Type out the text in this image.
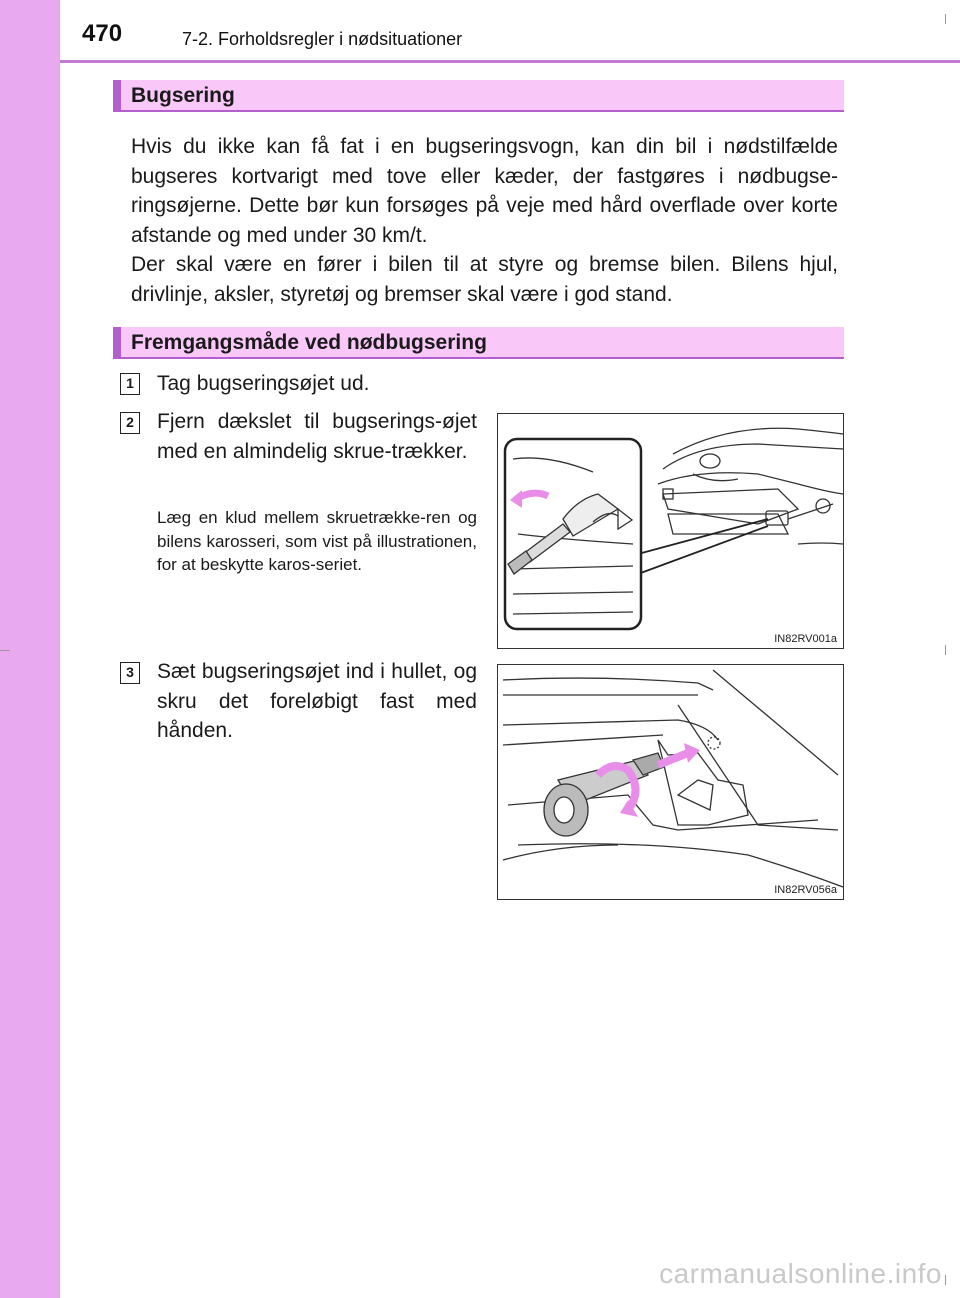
470	7-2. Forholdsregler i nødsituationer
Bugsering

Hvis du ikke kan få fat i en bugseringsvogn, kan din bil i nødstilfælde bugseres kortvarigt med tove eller kæder, der fastgøres i nødbugse-ringsøjerne. Dette bør kun forsøges på veje med hård overflade over korte afstande og med under 30 km/t.

Der skal være en fører i bilen til at styre og bremse bilen. Bilens hjul, drivlinje, aksler, styretøj og bremser skal være i god stand.

Fremgangsmåde ved nødbugsering
1 Tag bugseringsøjet ud.
2 Fjern dækslet til bugserings-øjet med en almindelig skrue-trækker.
Læg en klud mellem skruetrække-ren og bilens karosseri, som vist på illustrationen, for at beskytte karos-seriet.
IN82RV001a
3 Sæt bugseringsøjet ind i hullet, og skru det foreløbigt fast med hånden.
IN82RV056a
carmanualsonline.info
